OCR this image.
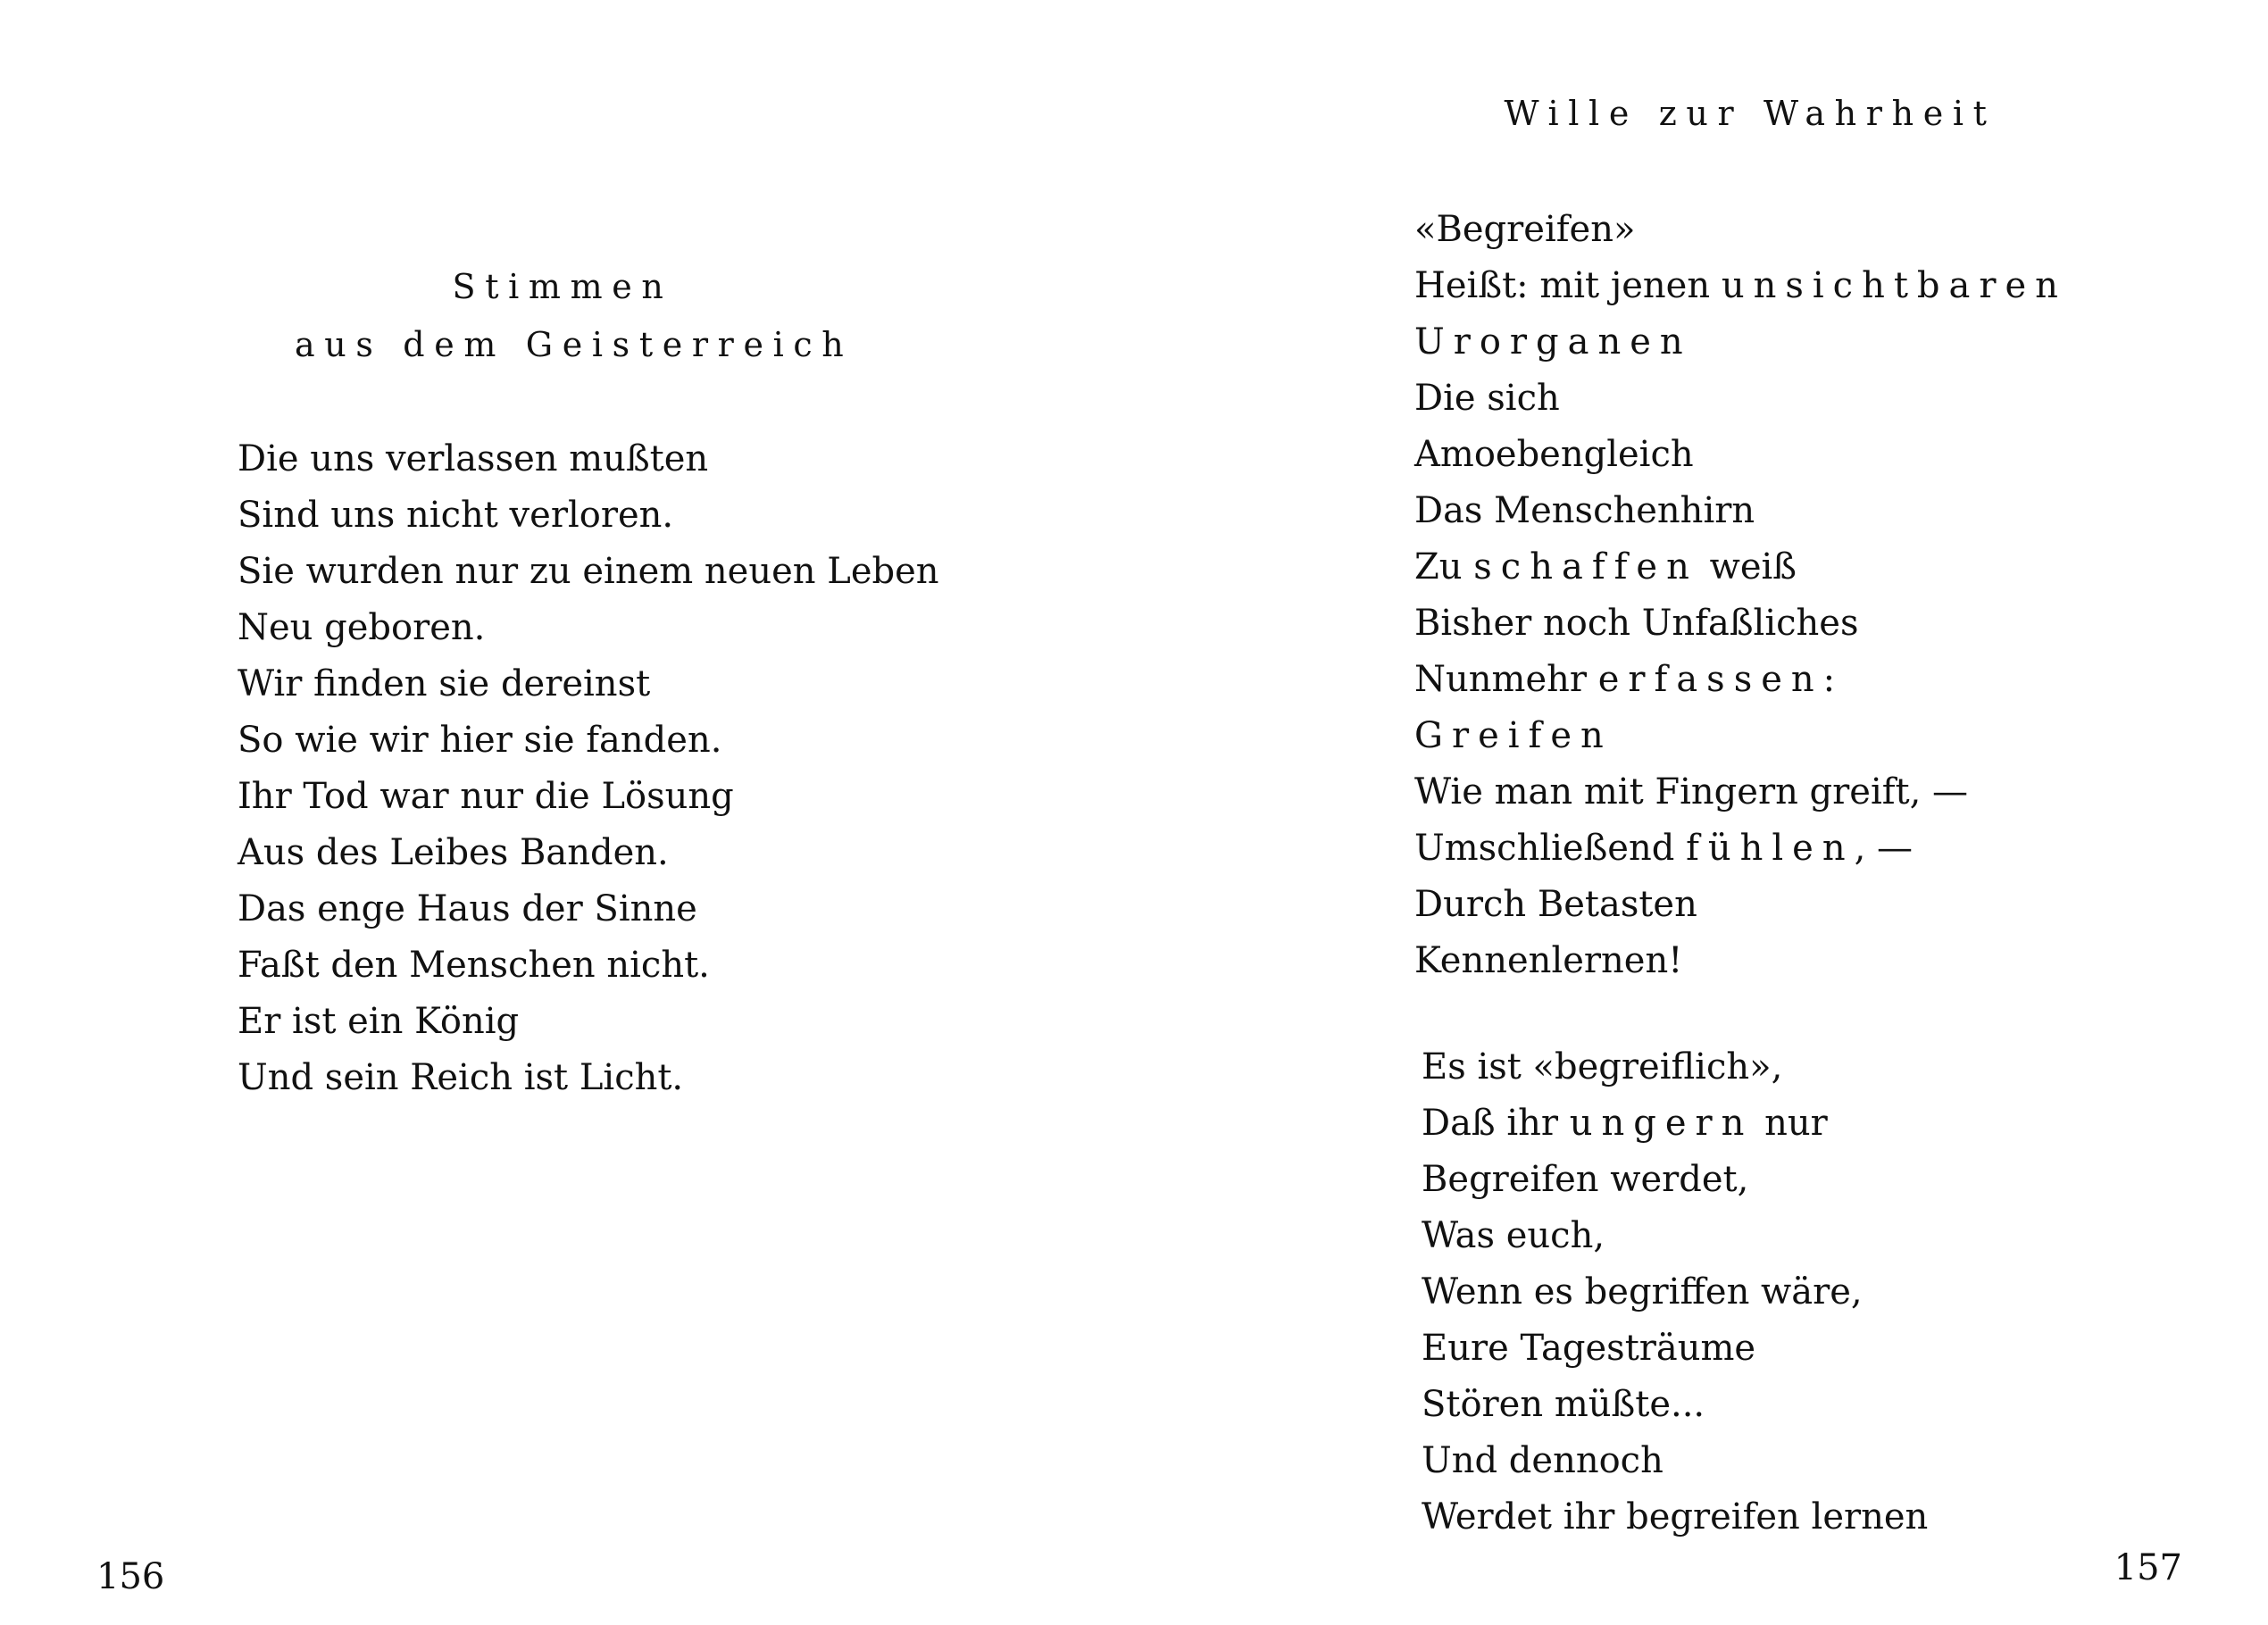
Stimmen
aus dem Geisterreich
Die uns verlassen mußten
Sind uns nicht verloren.
Sie wurden nur zu einem neuen Leben
Neu geboren.
Wir finden sie dereinst
So wie wir hier sie fanden.
Ihr Tod war nur die Lösung
Aus des Leibes Banden.
Das enge Haus der Sinne
Faßt den Menschen nicht.
Er ist ein König
Und sein Reich ist Licht.
156
Wille zur Wahrheit
«Begreifen»
Heißt: mit jenen unsichtbaren
Urorganen
Die sich
Amoebengleich
Das Menschenhirn
Zu schaffen weiß
Bisher noch Unfaßliches
Nunmehr erfassen:
Greifen
Wie man mit Fingern greift, —
Umschließend fühlen, —
Durch Betasten
Kennenlernen!
Es ist «begreiflich»,
Daß ihr ungern nur
Begreifen werdet,
Was euch,
Wenn es begriffen wäre,
Eure Tagesträume
Stören müßte...
Und dennoch
Werdet ihr begreifen lernen
157
